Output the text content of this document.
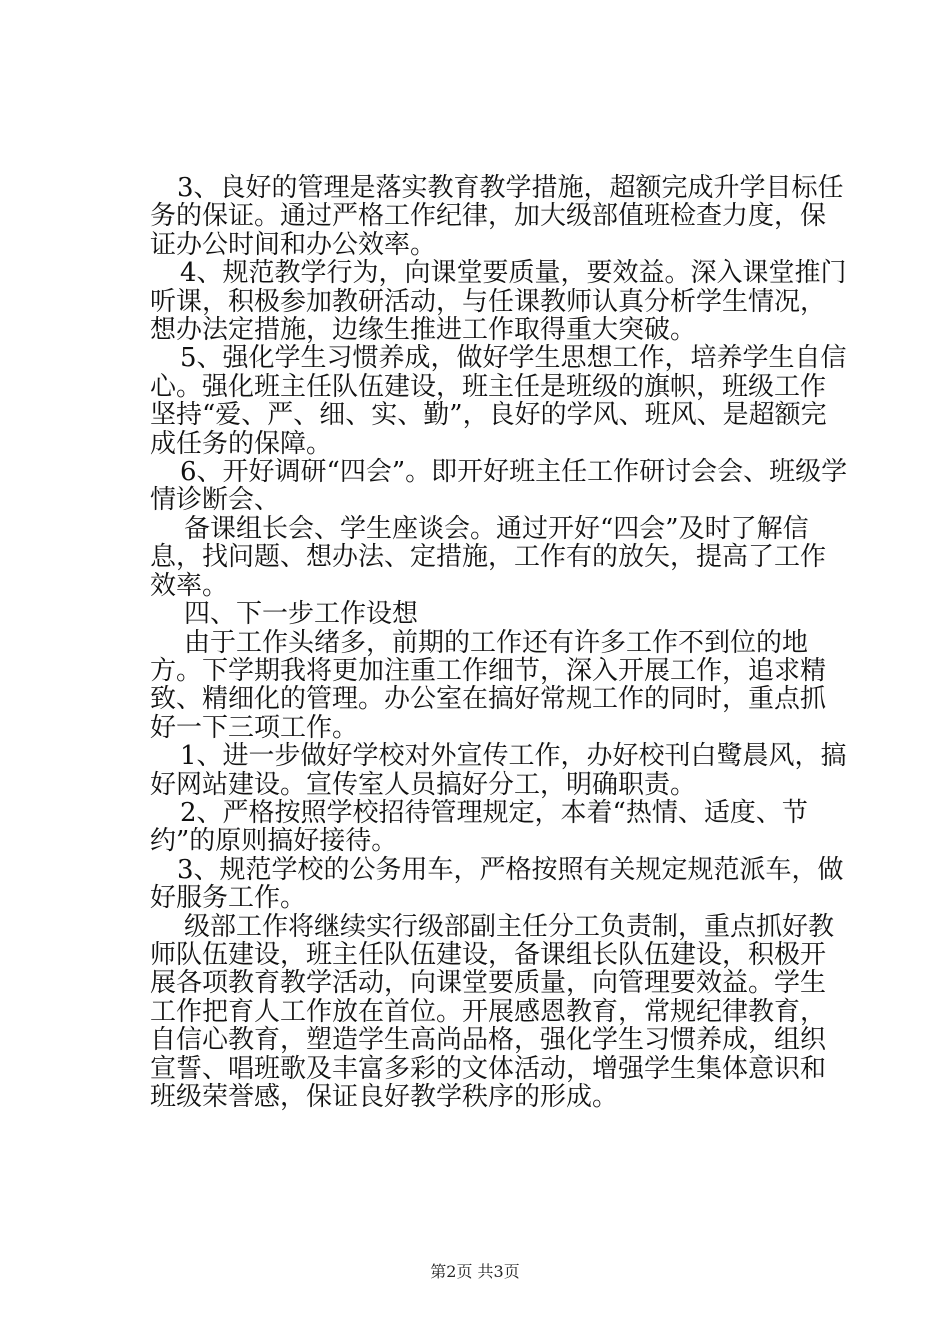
3、良好的管理是落实教育教学措施，超额完成升学目标任务的保证。通过严格工作纪律，加大级部值班检查力度，保证办公时间和办公效率。

4、规范教学行为，向课堂要质量，要效益。深入课堂推门听课，积极参加教研活动，与任课教师认真分析学生情况，想办法定措施，边缘生推进工作取得重大突破。

5、强化学生习惯养成，做好学生思想工作，培养学生自信心。强化班主任队伍建设，班主任是班级的旗帜，班级工作坚持“爱、严、细、实、勤”，良好的学风、班风、是超额完成任务的保障。

6、开好调研“四会”。即开好班主任工作研讨会会、班级学情诊断会、

备课组长会、学生座谈会。通过开好“四会”及时了解信息，找问题、想办法、定措施，工作有的放矢，提高了工作效率。

四、下一步工作设想

由于工作头绪多，前期的工作还有许多工作不到位的地方。下学期我将更加注重工作细节，深入开展工作，追求精致、精细化的管理。办公室在搞好常规工作的同时，重点抓好一下三项工作。

1、进一步做好学校对外宣传工作，办好校刊白鹭晨风，搞好网站建设。宣传室人员搞好分工，明确职责。

2、严格按照学校招待管理规定，本着“热情、适度、节约”的原则搞好接待。

3、规范学校的公务用车，严格按照有关规定规范派车，做好服务工作。

级部工作将继续实行级部副主任分工负责制，重点抓好教师队伍建设，班主任队伍建设，备课组长队伍建设，积极开展各项教育教学活动，向课堂要质量，向管理要效益。学生工作把育人工作放在首位。开展感恩教育，常规纪律教育，自信心教育，塑造学生高尚品格，强化学生习惯养成，组织宣誓、唱班歌及丰富多彩的文体活动，增强学生集体意识和班级荣誉感，保证良好教学秩序的形成。

第2页 共3页
